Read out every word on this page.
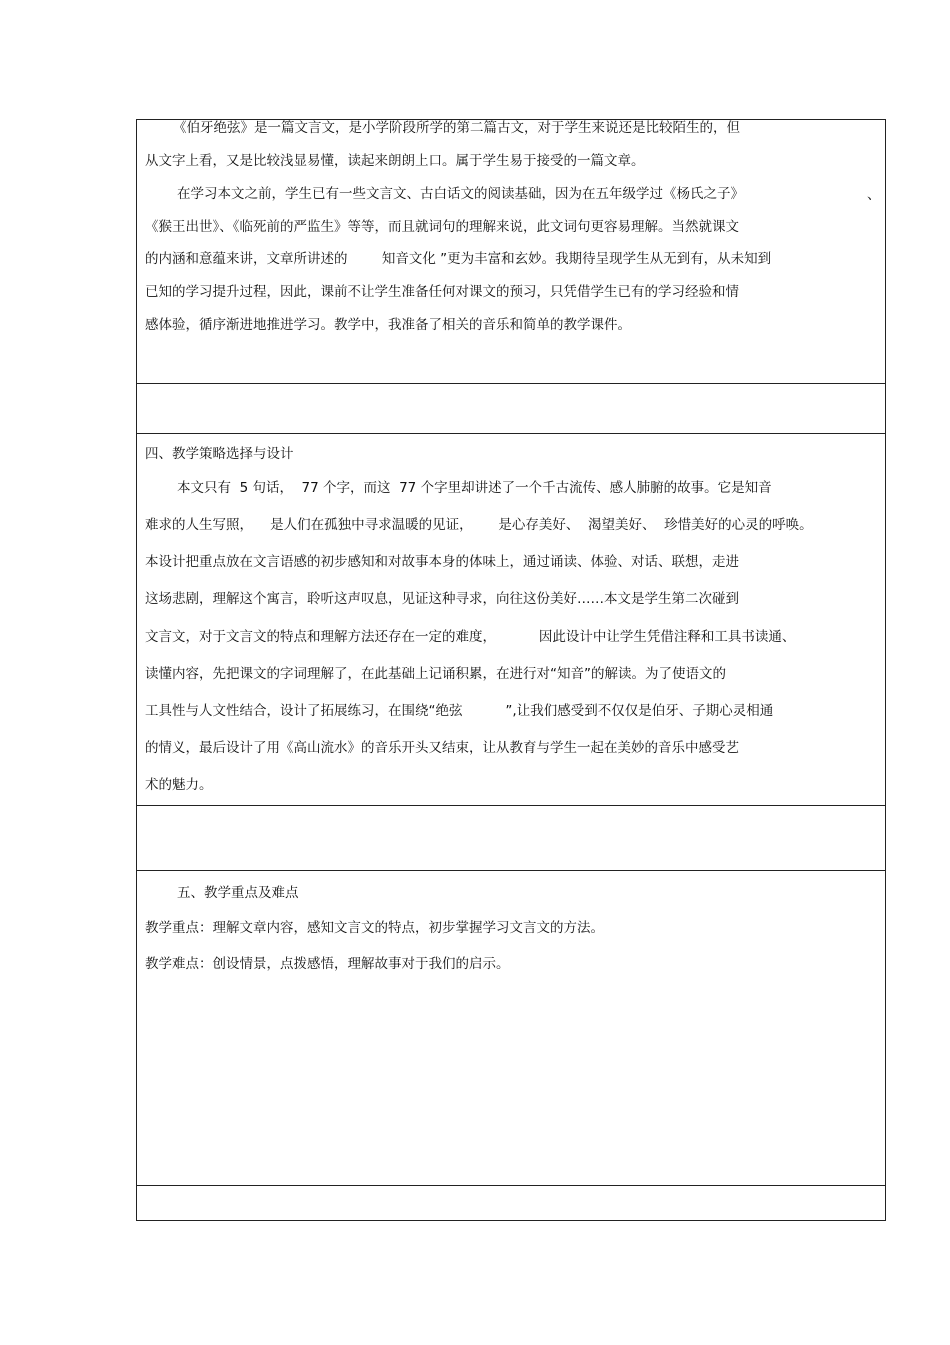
《伯牙绝弦》是一篇文言文，是小学阶段所学的第二篇古文，对于学生来说还是比较陌生的，但
从文字上看，又是比较浅显易懂，读起来朗朗上口。属于学生易于接受的一篇文章。
在学习本文之前，学生已有一些文言文、古白话文的阅读基础，因为在五年级学过《杨氏之子》	、
《猴王出世》、《临死前的严监生》等等，而且就词句的理解来说，此文词句更容易理解。当然就课文
的内涵和意蕴来讲，文章所讲述的        知音文化 ”更为丰富和玄妙。我期待呈现学生从无到有，从未知到
已知的学习提升过程，因此，课前不让学生准备任何对课文的预习，只凭借学生已有的学习经验和情
感体验，循序渐进地推进学习。教学中，我准备了相关的音乐和简单的教学课件。
四、教学策略选择与设计
本文只有  5 句话，  77 个字，而这  77 个字里却讲述了一个千古流传、感人肺腑的故事。它是知音
难求的人生写照，    是人们在孤独中寻求温暖的见证，      是心存美好、  渴望美好、  珍惜美好的心灵的呼唤。
本设计把重点放在文言语感的初步感知和对故事本身的体味上，通过诵读、体验、对话、联想，走进
这场悲剧，理解这个寓言，聆听这声叹息，见证这种寻求，向往这份美好……本文是学生第二次碰到
文言文，对于文言文的特点和理解方法还存在一定的难度，          因此设计中让学生凭借注释和工具书读通、
读懂内容，先把课文的字词理解了，在此基础上记诵积累，在进行对“知音”的解读。为了使语文的
工具性与人文性结合，设计了拓展练习，在围绕“绝弦          ”,让我们感受到不仅仅是伯牙、子期心灵相通
的情义，最后设计了用《高山流水》的音乐开头又结束，让从教育与学生一起在美妙的音乐中感受艺
术的魅力。
五、教学重点及难点
教学重点：理解文章内容，感知文言文的特点，初步掌握学习文言文的方法。
教学难点：创设情景，点拨感悟，理解故事对于我们的启示。
